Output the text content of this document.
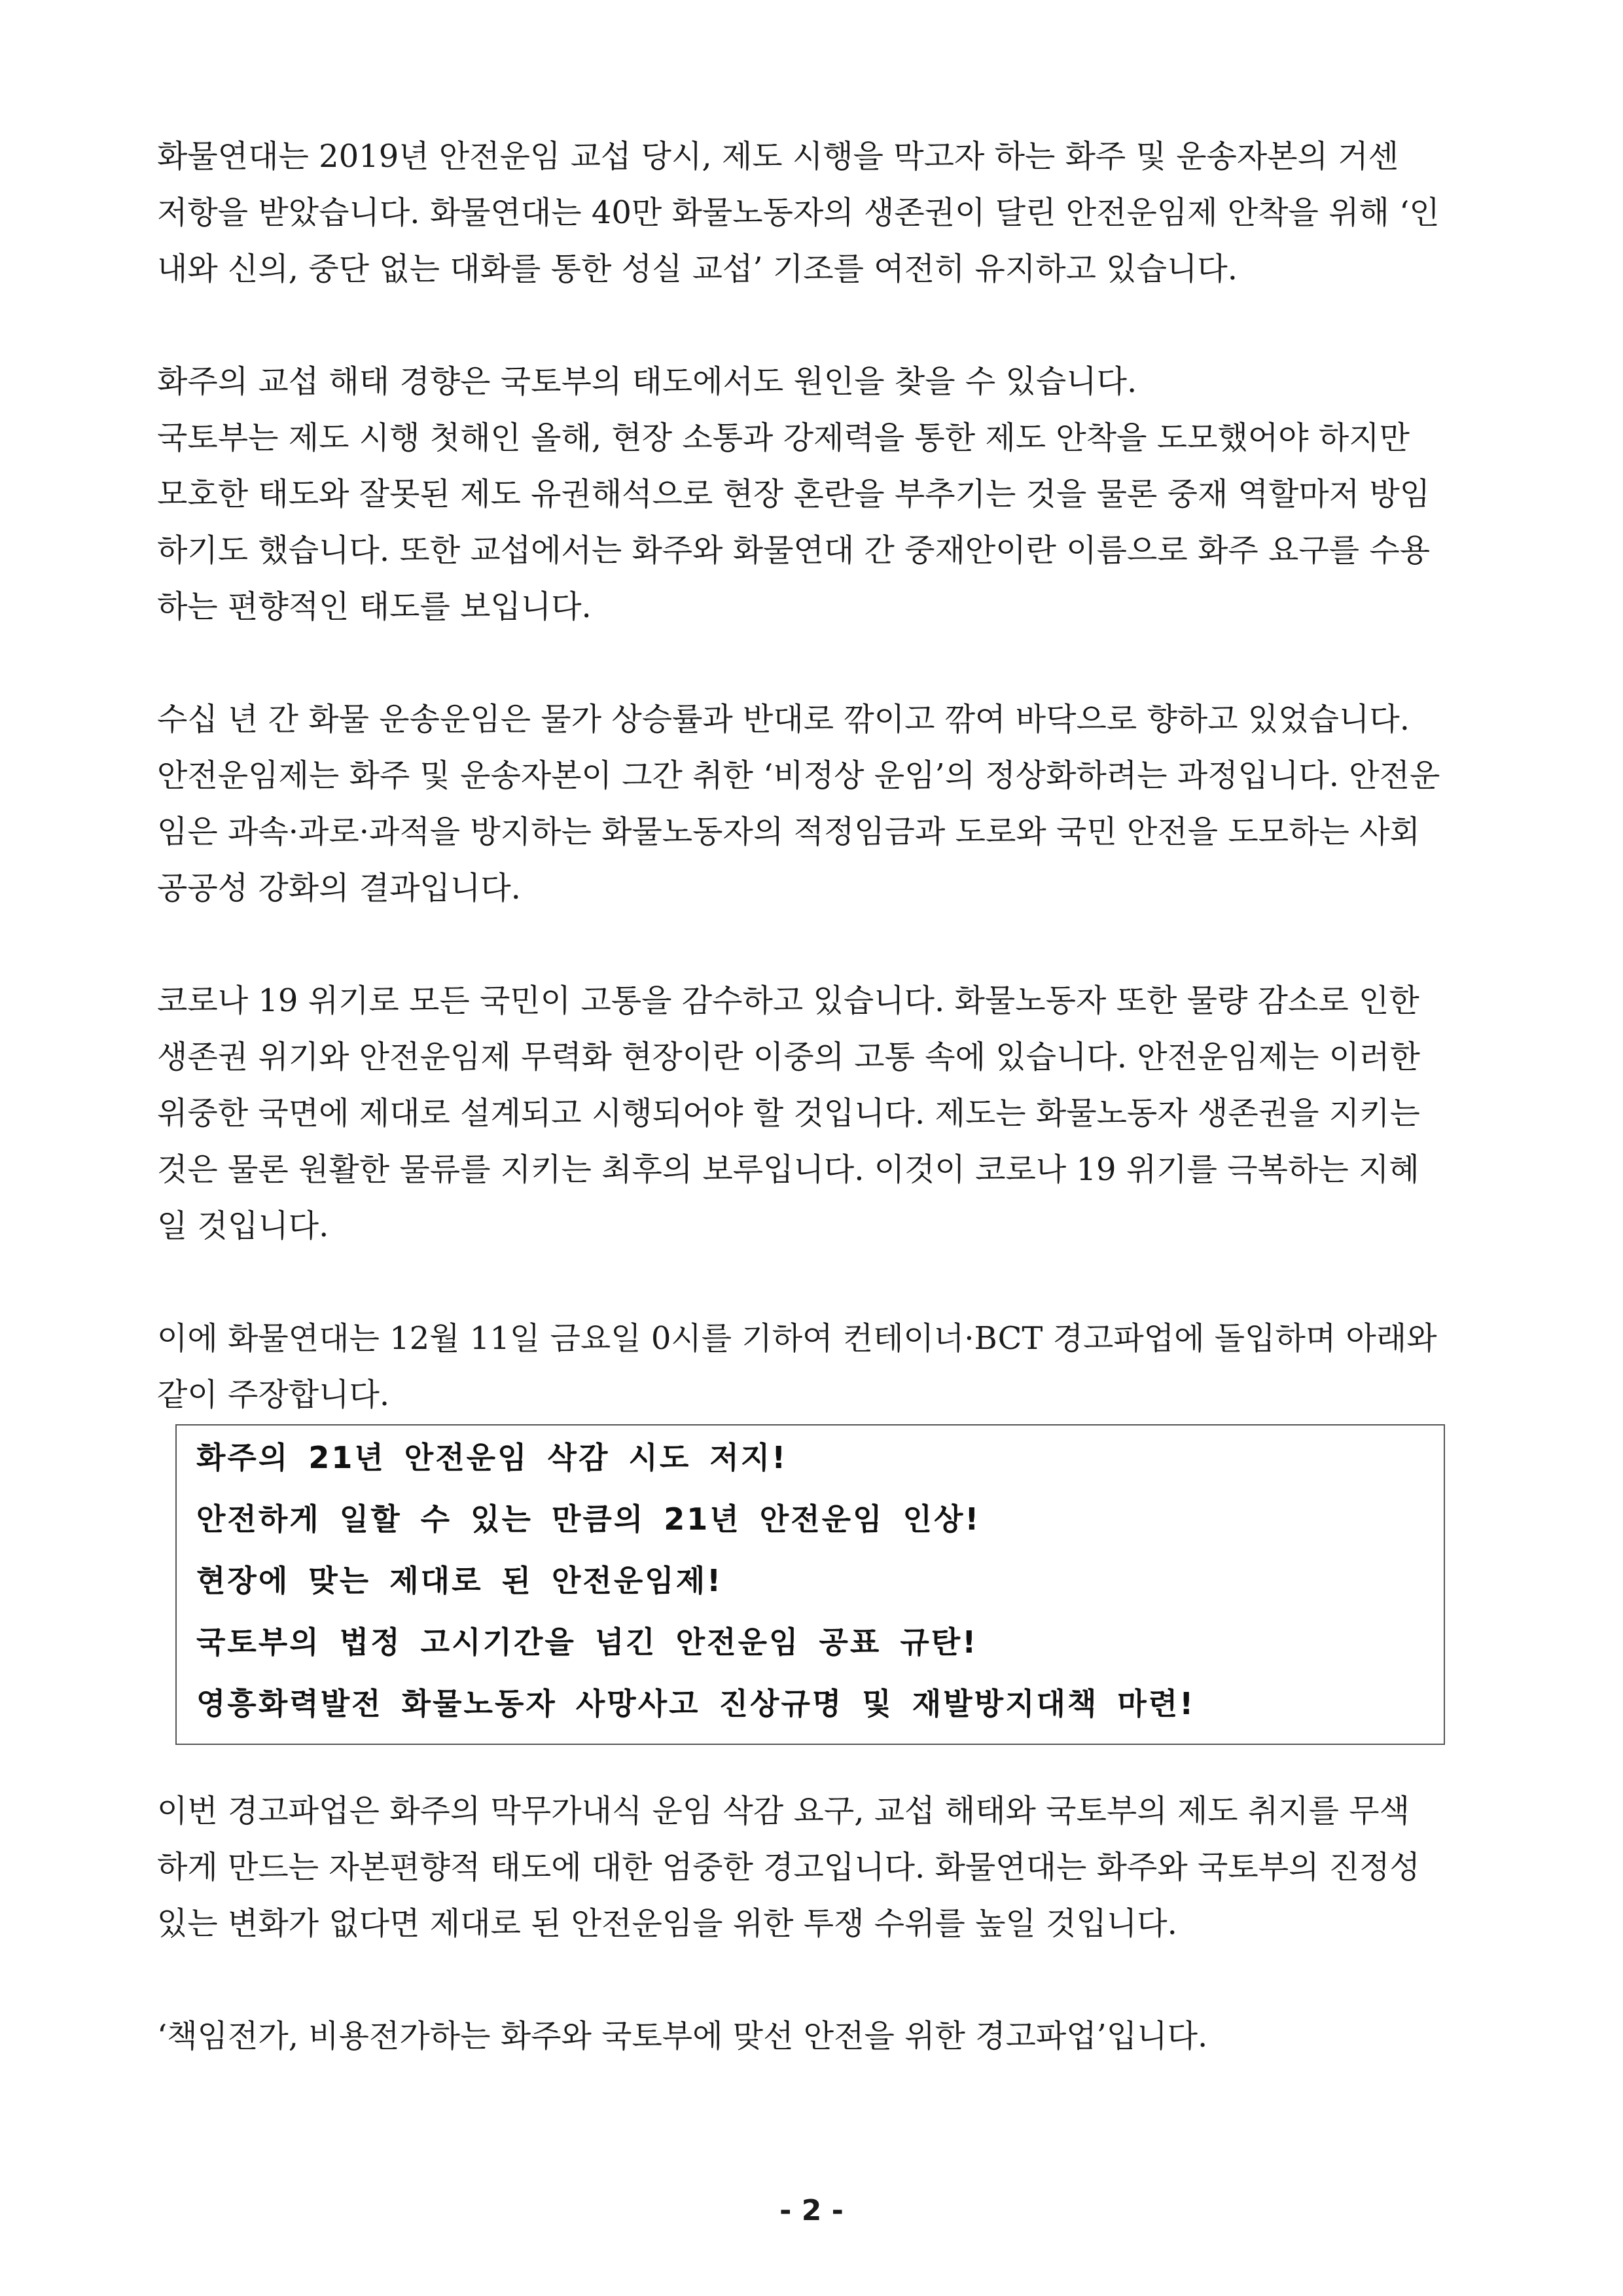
화물연대는 2019년 안전운임 교섭 당시, 제도 시행을 막고자 하는 화주 및 운송자본의 거센
저항을 받았습니다. 화물연대는 40만 화물노동자의 생존권이 달린 안전운임제 안착을 위해 ‘인
내와 신의, 중단 없는 대화를 통한 성실 교섭’ 기조를 여전히 유지하고 있습니다.

화주의 교섭 해태 경향은 국토부의 태도에서도 원인을 찾을 수 있습니다.

국토부는 제도 시행 첫해인 올해, 현장 소통과 강제력을 통한 제도 안착을 도모했어야 하지만
모호한 태도와 잘못된 제도 유권해석으로 현장 혼란을 부추기는 것을 물론 중재 역할마저 방임
하기도 했습니다. 또한 교섭에서는 화주와 화물연대 간 중재안이란 이름으로 화주 요구를 수용
하는 편향적인 태도를 보입니다.

수십 년 간 화물 운송운임은 물가 상승률과 반대로 깎이고 깎여 바닥으로 향하고 있었습니다.
안전운임제는 화주 및 운송자본이 그간 취한 ‘비정상 운임’의 정상화하려는 과정입니다. 안전운
임은 과속·과로·과적을 방지하는 화물노동자의 적정임금과 도로와 국민 안전을 도모하는 사회
공공성 강화의 결과입니다.

코로나 19 위기로 모든 국민이 고통을 감수하고 있습니다. 화물노동자 또한 물량 감소로 인한
생존권 위기와 안전운임제 무력화 현장이란 이중의 고통 속에 있습니다. 안전운임제는 이러한
위중한 국면에 제대로 설계되고 시행되어야 할 것입니다. 제도는 화물노동자 생존권을 지키는
것은 물론 원활한 물류를 지키는 최후의 보루입니다. 이것이 코로나 19 위기를 극복하는 지혜
일 것입니다.

이에 화물연대는 12월 11일 금요일 0시를 기하여 컨테이너·BCT 경고파업에 돌입하며 아래와
같이 주장합니다.

화주의 21년 안전운임 삭감 시도 저지!
안전하게 일할 수 있는 만큼의 21년 안전운임 인상!
현장에 맞는 제대로 된 안전운임제!
국토부의 법정 고시기간을 넘긴 안전운임 공표 규탄!
영흥화력발전 화물노동자 사망사고 진상규명 및 재발방지대책 마련!

이번 경고파업은 화주의 막무가내식 운임 삭감 요구, 교섭 해태와 국토부의 제도 취지를 무색
하게 만드는 자본편향적 태도에 대한 엄중한 경고입니다. 화물연대는 화주와 국토부의 진정성
있는 변화가 없다면 제대로 된 안전운임을 위한 투쟁 수위를 높일 것입니다.

‘책임전가, 비용전가하는 화주와 국토부에 맞선 안전을 위한 경고파업’입니다.

- 2 -
